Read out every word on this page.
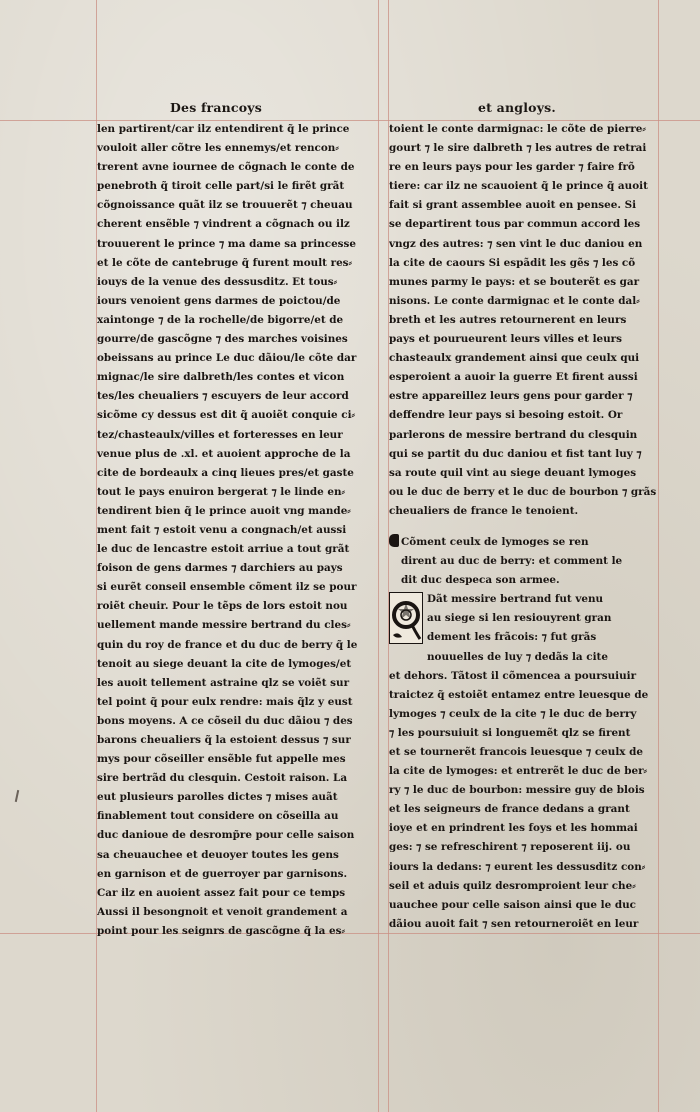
Des francoys	et angloys.
len partirent/car ilz entendirent q̃ le prince
vouloit aller cõtre les ennemys/et rencon⸗
trerent avne iournee de cõgnach le conte de
penebroth q̃ tiroit celle part/si le firẽt grãt
cõgnoissance quãt ilz se trouuerẽt ⁊ cheuau
cherent ensẽble ⁊ vindrent a cõgnach ou ilz
trouuerent le prince ⁊ ma dame sa princesse
et le cõte de cantebruge q̃ furent moult res⸗
iouys de la venue des dessusditz. Et tous⸗
iours venoient gens darmes de poictou/de
xaintonge ⁊ de la rochelle/de bigorre/et de
gourre/de gascõgne ⁊ des marches voisines
obeissans au prince Le duc dãiou/le cõte dar
mignac/le sire dalbreth/les contes et vicon
tes/les cheualiers ⁊ escuyers de leur accord
sicõme cy dessus est dit q̃ auoiẽt conquie ci⸗
tez/chasteaulx/villes et forteresses en leur
venue plus de .xl. et auoient approche de la
cite de bordeaulx a cinq lieues pres/et gaste
tout le pays enuiron bergerat ⁊ le linde en⸗
tendirent bien q̃ le prince auoit vng mande⸗
ment fait ⁊ estoit venu a congnach/et aussi
le duc de lencastre estoit arriue a tout grãt
foison de gens darmes ⁊ darchiers au pays
si eurẽt conseil ensemble cõment ilz se pour
roiẽt cheuir. Pour le tẽps de lors estoit nou
uellement mande messire bertrand du cles⸗
quin du roy de france et du duc de berry q̃ le
tenoit au siege deuant la cite de lymoges/et
les auoit tellement astraine qlz se voiẽt sur
tel point q̃ pour eulx rendre: mais q̃lz y eust
bons moyens. A ce cõseil du duc dãiou ⁊ des
barons cheualiers q̃ la estoient dessus ⁊ sur
mys pour cõseiller ensẽble fut appelle mes
sire bertrãd du clesquin. Cestoit raison. La
eut plusieurs parolles dictes ⁊ mises auãt
finablement tout considere on cõseilla au
duc danioue de desromp̃re pour celle saison
sa cheuauchee et deuoyer toutes les gens
en garnison et de guerroyer par garnisons.
Car ilz en auoient assez fait pour ce temps
Aussi il besongnoit et venoit grandement a
point pour les seignrs de gascõgne q̃ la es⸗
toient le conte darmignac: le cõte de pierre⸗
gourt ⁊ le sire dalbreth ⁊ les autres de retrai
re en leurs pays pour les garder ⁊ faire frõ
tiere: car ilz ne scauoient q̃ le prince q̃ auoit
fait si grant assemblee auoit en pensee. Si
se departirent tous par commun accord les
vngz des autres: ⁊ sen vint le duc daniou en
la cite de caours Si espãdit les gẽs ⁊ les cõ
munes parmy le pays: et se bouterẽt es gar
nisons. Le conte darmignac et le conte dal⸗
breth et les autres retournerent en leurs
pays et pourueurent leurs villes et leurs
chasteaulx grandement ainsi que ceulx qui
esperoient a auoir la guerre Et firent aussi
estre appareillez leurs gens pour garder ⁊
deffendre leur pays si besoing estoit. Or
parlerons de messire bertrand du clesquin
qui se partit du duc daniou et fist tant luy ⁊
sa route quil vint au siege deuant lymoges
ou le duc de berry et le duc de bourbon ⁊ grãs
cheualiers de france le tenoient.
Cõment ceulx de lymoges se ren
dirent au duc de berry: et comment le
dit duc despeca son armee.
Dãt messire bertrand fut venu
au siege si len resiouyrent gran
dement les frãcois: ⁊ fut grãs
nouuelles de luy ⁊ dedãs la cite
et dehors. Tãtost il cõmencea a poursuiuir
traictez q̃ estoiẽt entamez entre leuesque de
lymoges ⁊ ceulx de la cite ⁊ le duc de berry
⁊ les poursuiuit si longuemẽt qlz se firent
et se tournerẽt francois leuesque ⁊ ceulx de
la cite de lymoges: et entrerẽt le duc de ber⸗
ry ⁊ le duc de bourbon: messire guy de blois
et les seigneurs de france dedans a grant
ioye et en prindrent les foys et les hommai
ges: ⁊ se refreschirent ⁊ reposerent iij. ou
iours la dedans: ⁊ eurent les dessusditz con⸗
seil et aduis quilz desromproient leur che⸗
uauchee pour celle saison ainsi que le duc
dãiou auoit fait ⁊ sen retourneroiẽt en leur
